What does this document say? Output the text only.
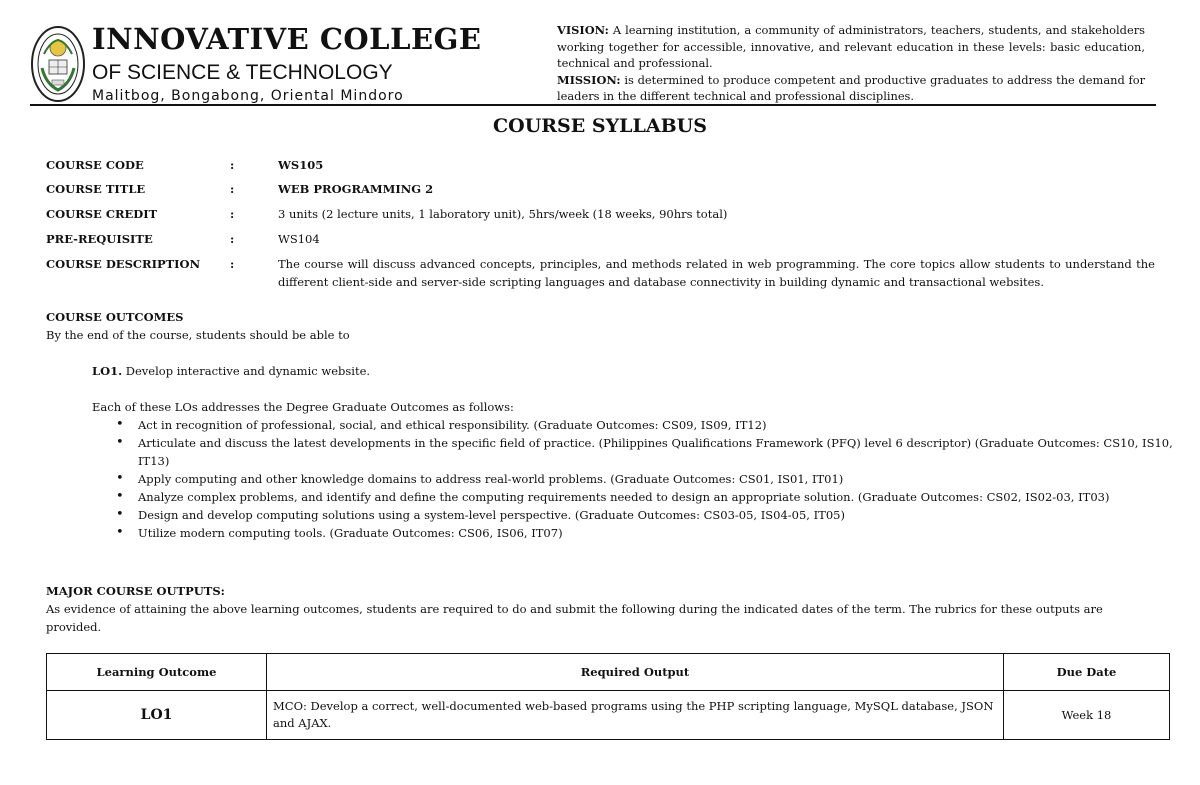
INNOVATIVE COLLEGE
OF SCIENCE & TECHNOLOGY
Malitbog, Bongabong, Oriental Mindoro
VISION: A learning institution, a community of administrators, teachers, students, and stakeholders working together for accessible, innovative, and relevant education in these levels: basic education, technical and professional.
MISSION: is determined to produce competent and productive graduates to address the demand for leaders in the different technical and professional disciplines.
COURSE SYLLABUS
COURSE CODE	:	WS105
COURSE TITLE	:	WEB PROGRAMMING 2
COURSE CREDIT	:	3 units (2 lecture units, 1 laboratory unit), 5hrs/week (18 weeks, 90hrs total)
PRE-REQUISITE	:	WS104
COURSE DESCRIPTION	:	The course will discuss advanced concepts, principles, and methods related in web programming. The core topics allow students to understand the different client-side and server-side scripting languages and database connectivity in building dynamic and transactional websites.
COURSE OUTCOMES
By the end of the course, students should be able to
LO1. Develop interactive and dynamic website.
Each of these LOs addresses the Degree Graduate Outcomes as follows:
• Act in recognition of professional, social, and ethical responsibility. (Graduate Outcomes: CS09, IS09, IT12)
• Articulate and discuss the latest developments in the specific field of practice. (Philippines Qualifications Framework (PFQ) level 6 descriptor) (Graduate Outcomes: CS10, IS10, IT13)
• Apply computing and other knowledge domains to address real-world problems. (Graduate Outcomes: CS01, IS01, IT01)
• Analyze complex problems, and identify and define the computing requirements needed to design an appropriate solution. (Graduate Outcomes: CS02, IS02-03, IT03)
• Design and develop computing solutions using a system-level perspective. (Graduate Outcomes: CS03-05, IS04-05, IT05)
• Utilize modern computing tools. (Graduate Outcomes: CS06, IS06, IT07)
MAJOR COURSE OUTPUTS:
As evidence of attaining the above learning outcomes, students are required to do and submit the following during the indicated dates of the term. The rubrics for these outputs are provided.
Learning Outcome	Required Output	Due Date
LO1	MCO: Develop a correct, well-documented web-based programs using the PHP scripting language, MySQL database, JSON and AJAX.	Week 18
